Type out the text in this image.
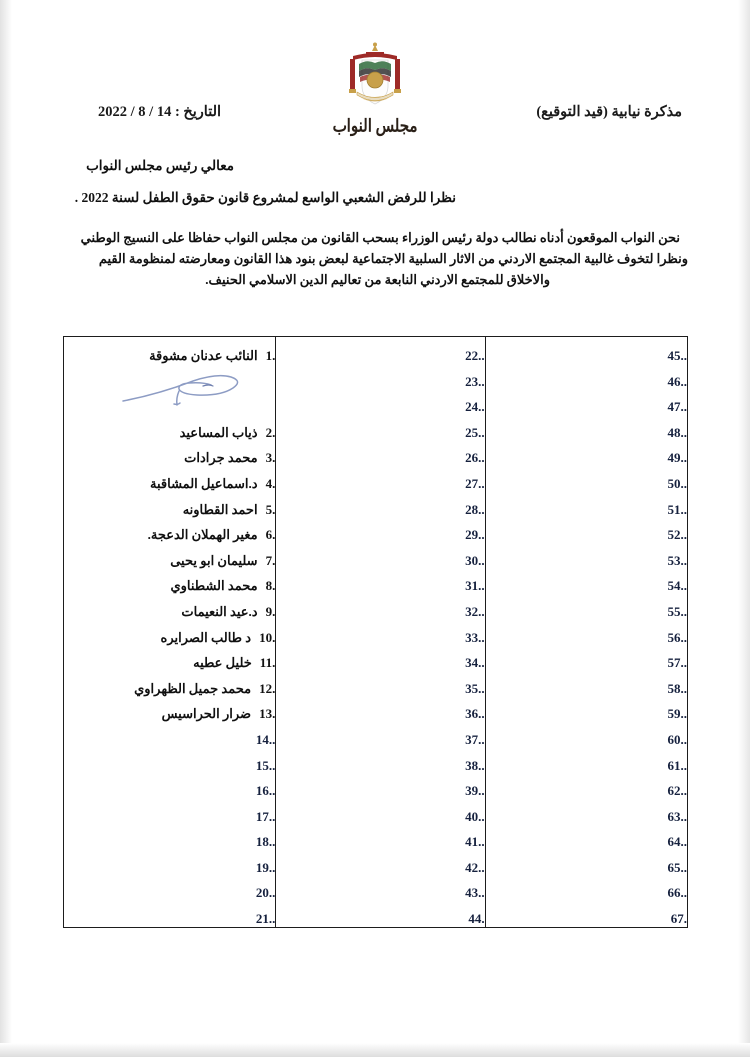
مجلس النواب
مذكرة نيابية (قيد التوقيع)
التاريخ : 14 / 8 / 2022
معالي رئيس مجلس النواب
نظرا للرفض الشعبي الواسع لمشروع قانون حقوق الطفل لسنة 2022 .
نحن النواب الموقعون أدناه نطالب دولة رئيس الوزراء بسحب القانون من مجلس النواب حفاظا على النسيج الوطني
ونظرا لتخوف غالبية المجتمع الاردني من الاثار السلبية الاجتماعية لبعض بنود هذا القانون ومعارضته لمنظومة القيم
والاخلاق للمجتمع الاردني النابعة من تعاليم الدين الاسلامي الحنيف.
45..
46..
47..
48..
49..
50..
51..
52..
53..
54..
55..
56..
57..
58..
59..
60..
61..
62..
63..
64..
65..
66..
67.
22..
23..
24..
25..
26..
27..
28..
29..
30..
31..
32..
33..
34..
35..
36..
37..
38..
39..
40..
41..
42..
43..
44.
1.النائب عدنان مشوقة

2.ذياب المساعيد
3.محمد جرادات
4.د.اسماعيل المشاقبة
5.احمد القطاونه
6.مغير الهملان الدعجة.
7.سليمان ابو يحيى
8.محمد الشطناوي
9.د.عيد النعيمات
10.د طالب الصرايره
11.خليل عطيه
12.محمد جميل الظهراوي
13.ضرار الحراسيس
14..
15..
16..
17..
18..
19..
20..
21..
